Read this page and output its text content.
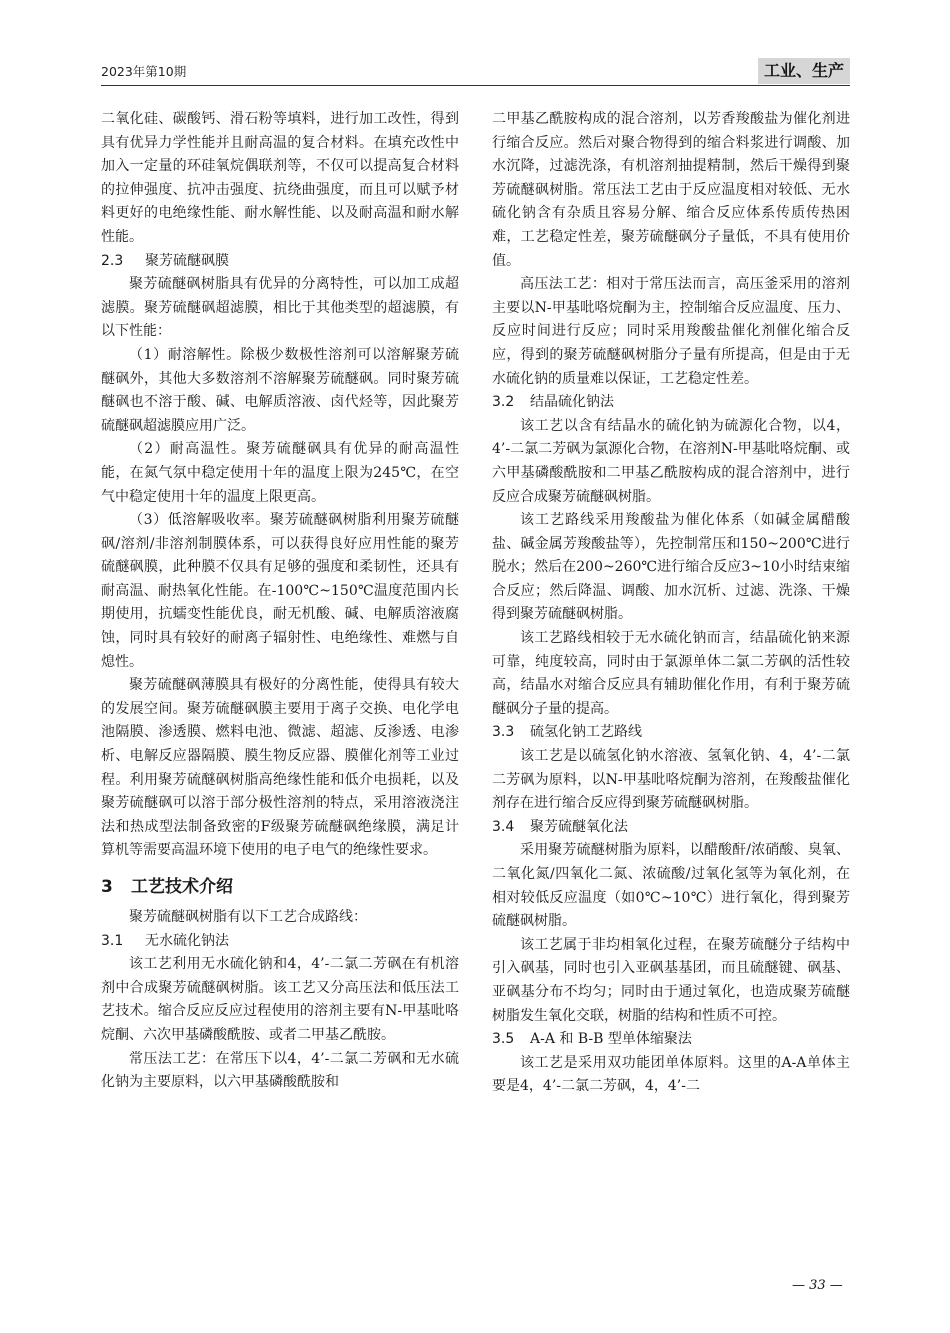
2023年第10期	工业、生产

二氧化硅、碳酸钙、滑石粉等填料，进行加工改性，得到具有优异力学性能并且耐高温的复合材料。在填充改性中加入一定量的环硅氧烷偶联剂等，不仅可以提高复合材料的拉伸强度、抗冲击强度、抗绕曲强度，而且可以赋予材料更好的电绝缘性能、耐水解性能、以及耐高温和耐水解性能。

2.3 聚芳硫醚砜膜

聚芳硫醚砜树脂具有优异的分离特性，可以加工成超滤膜。聚芳硫醚砜超滤膜，相比于其他类型的超滤膜，有以下性能：

（1）耐溶解性。除极少数极性溶剂可以溶解聚芳硫醚砜外，其他大多数溶剂不溶解聚芳硫醚砜。同时聚芳硫醚砜也不溶于酸、碱、电解质溶液、卤代烃等，因此聚芳硫醚砜超滤膜应用广泛。

（2）耐高温性。聚芳硫醚砜具有优异的耐高温性能，在氮气氛中稳定使用十年的温度上限为245℃，在空气中稳定使用十年的温度上限更高。

（3）低溶解吸收率。聚芳硫醚砜树脂利用聚芳硫醚砜/溶剂/非溶剂制膜体系，可以获得良好应用性能的聚芳硫醚砜膜，此种膜不仅具有足够的强度和柔韧性，还具有耐高温、耐热氧化性能。在-100℃~150℃温度范围内长期使用，抗蠕变性能优良，耐无机酸、碱、电解质溶液腐蚀，同时具有较好的耐离子辐射性、电绝缘性、难燃与自熄性。

聚芳硫醚砜薄膜具有极好的分离性能，使得具有较大的发展空间。聚芳硫醚砜膜主要用于离子交换、电化学电池隔膜、渗透膜、燃料电池、微滤、超滤、反渗透、电渗析、电解反应器隔膜、膜生物反应器、膜催化剂等工业过程。利用聚芳硫醚砜树脂高绝缘性能和低介电损耗，以及聚芳硫醚砜可以溶于部分极性溶剂的特点，采用溶液浇注法和热成型法制备致密的F级聚芳硫醚砜绝缘膜，满足计算机等需要高温环境下使用的电子电气的绝缘性要求。

3 工艺技术介绍

聚芳硫醚砜树脂有以下工艺合成路线：

3.1 无水硫化钠法

该工艺利用无水硫化钠和4，4’-二氯二芳砜在有机溶剂中合成聚芳硫醚砜树脂。该工艺又分高压法和低压法工艺技术。缩合反应反应过程使用的溶剂主要有N-甲基吡咯烷酮、六次甲基磷酸酰胺、或者二甲基乙酰胺。

常压法工艺：在常压下以4，4’-二氯二芳砜和无水硫化钠为主要原料，以六甲基磷酸酰胺和

二甲基乙酰胺构成的混合溶剂，以芳香羧酸盐为催化剂进行缩合反应。然后对聚合物得到的缩合料浆进行调酸、加水沉降，过滤洗涤，有机溶剂抽提精制，然后干燥得到聚芳硫醚砜树脂。常压法工艺由于反应温度相对较低、无水硫化钠含有杂质且容易分解、缩合反应体系传质传热困难，工艺稳定性差，聚芳硫醚砜分子量低，不具有使用价值。

高压法工艺：相对于常压法而言，高压釜采用的溶剂主要以N-甲基吡咯烷酮为主，控制缩合反应温度、压力、反应时间进行反应；同时采用羧酸盐催化剂催化缩合反应，得到的聚芳硫醚砜树脂分子量有所提高，但是由于无水硫化钠的质量难以保证，工艺稳定性差。

3.2 结晶硫化钠法

该工艺以含有结晶水的硫化钠为硫源化合物，以4，4’-二氯二芳砜为氯源化合物，在溶剂N-甲基吡咯烷酮、或六甲基磷酸酰胺和二甲基乙酰胺构成的混合溶剂中，进行反应合成聚芳硫醚砜树脂。

该工艺路线采用羧酸盐为催化体系（如碱金属醋酸盐、碱金属芳羧酸盐等），先控制常压和150~200℃进行脱水；然后在200~260℃进行缩合反应3~10小时结束缩合反应；然后降温、调酸、加水沉析、过滤、洗涤、干燥得到聚芳硫醚砜树脂。

该工艺路线相较于无水硫化钠而言，结晶硫化钠来源可靠，纯度较高，同时由于氯源单体二氯二芳砜的活性较高，结晶水对缩合反应具有辅助催化作用，有利于聚芳硫醚砜分子量的提高。

3.3 硫氢化钠工艺路线

该工艺是以硫氢化钠水溶液、氢氧化钠、4，4’-二氯二芳砜为原料，以N-甲基吡咯烷酮为溶剂，在羧酸盐催化剂存在进行缩合反应得到聚芳硫醚砜树脂。

3.4 聚芳硫醚氧化法

采用聚芳硫醚树脂为原料，以醋酸酐/浓硝酸、臭氧、二氧化氮/四氧化二氮、浓硫酸/过氧化氢等为氧化剂，在相对较低反应温度（如0℃~10℃）进行氧化，得到聚芳硫醚砜树脂。

该工艺属于非均相氧化过程，在聚芳硫醚分子结构中引入砜基，同时也引入亚砜基基团，而且硫醚键、砜基、亚砜基分布不均匀；同时由于通过氧化，也造成聚芳硫醚树脂发生氧化交联，树脂的结构和性质不可控。

3.5 A-A 和 B-B 型单体缩聚法

该工艺是采用双功能团单体原料。这里的A-A单体主要是4，4’-二氯二芳砜，4，4’-二

— 33 —
